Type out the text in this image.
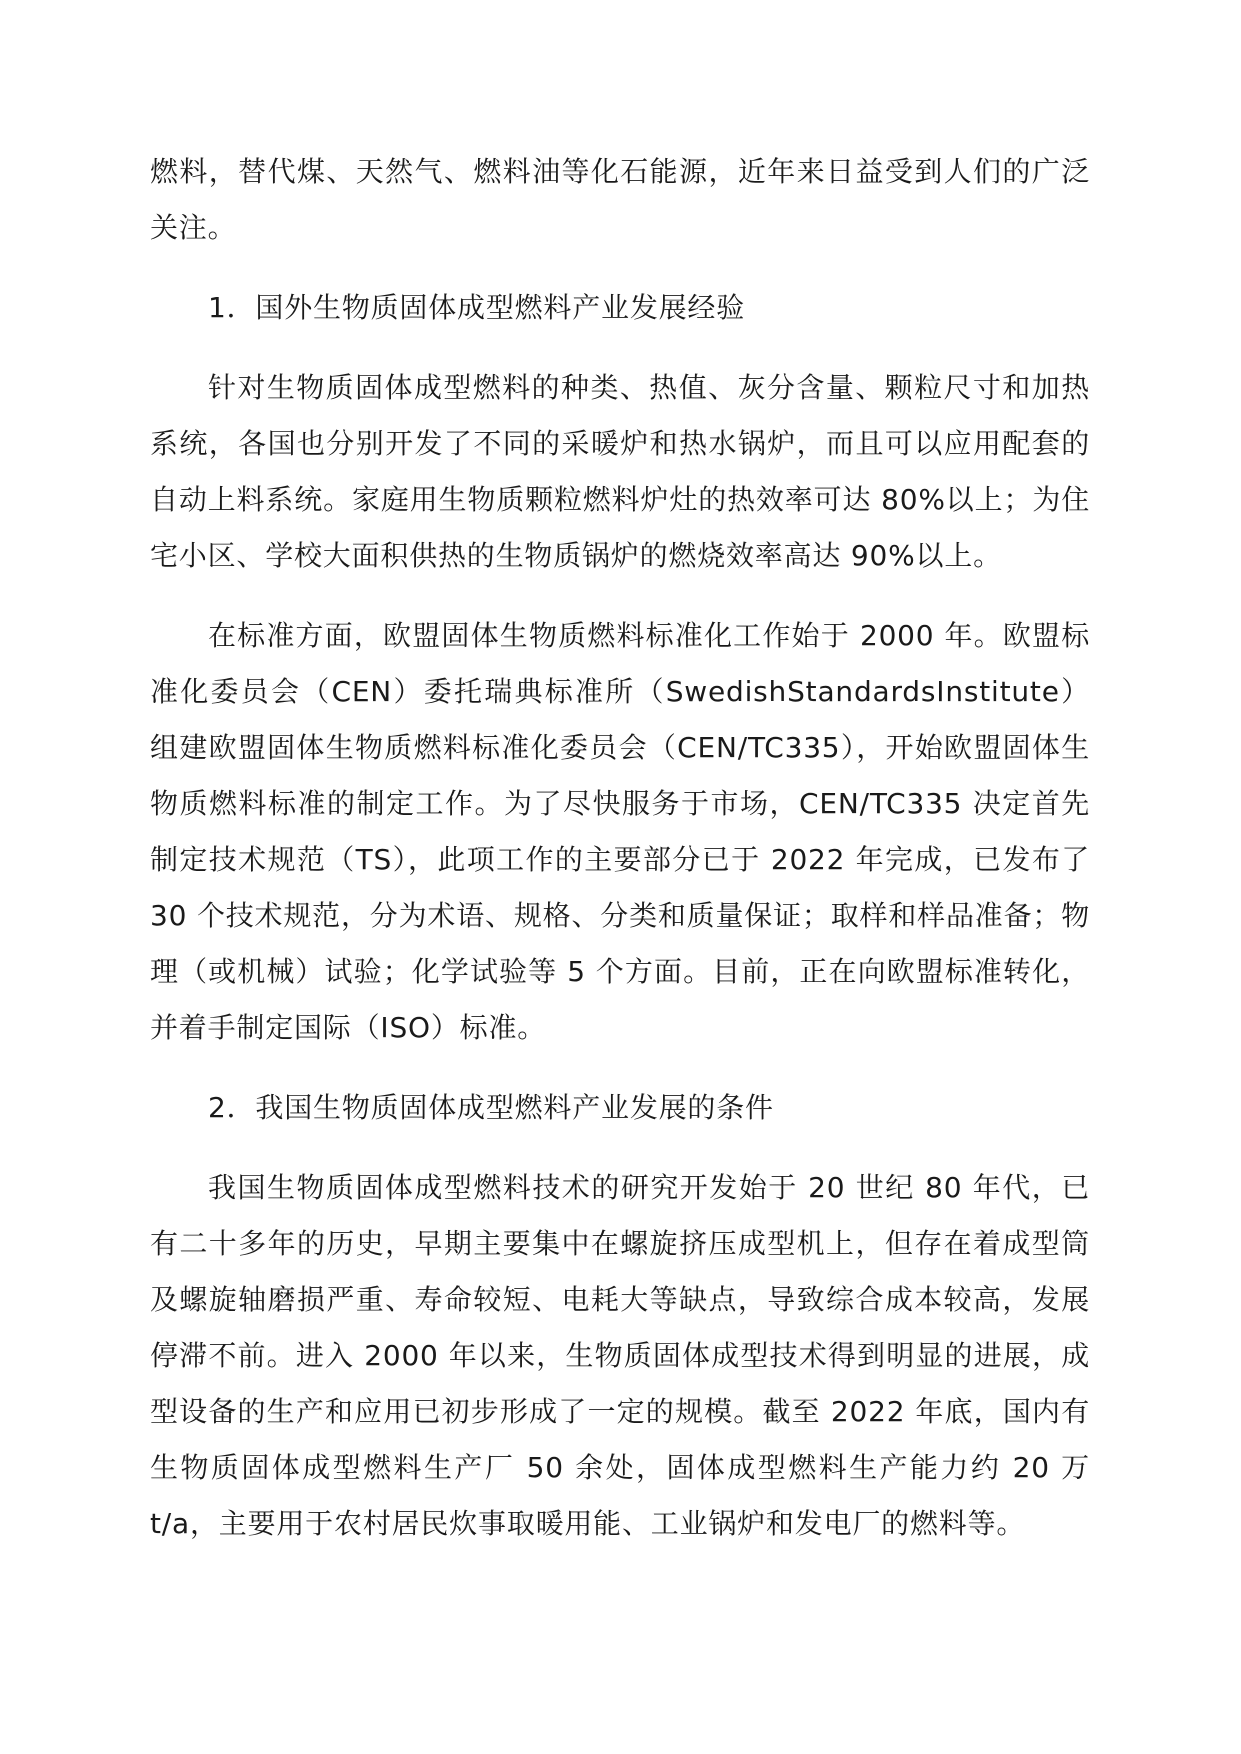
燃料，替代煤、天然气、燃料油等化石能源，近年来日益受到人们的广泛关注。

1．国外生物质固体成型燃料产业发展经验

针对生物质固体成型燃料的种类、热值、灰分含量、颗粒尺寸和加热系统，各国也分别开发了不同的采暖炉和热水锅炉，而且可以应用配套的自动上料系统。家庭用生物质颗粒燃料炉灶的热效率可达 80%以上；为住宅小区、学校大面积供热的生物质锅炉的燃烧效率高达 90%以上。

在标准方面，欧盟固体生物质燃料标准化工作始于 2000 年。欧盟标准化委员会（CEN）委托瑞典标准所（SwedishStandardsInstitute）组建欧盟固体生物质燃料标准化委员会（CEN/TC335），开始欧盟固体生物质燃料标准的制定工作。为了尽快服务于市场，CEN/TC335 决定首先制定技术规范（TS），此项工作的主要部分已于 2022 年完成，已发布了 30 个技术规范，分为术语、规格、分类和质量保证；取样和样品准备；物理（或机械）试验；化学试验等 5 个方面。目前，正在向欧盟标准转化，并着手制定国际（ISO）标准。

2．我国生物质固体成型燃料产业发展的条件

我国生物质固体成型燃料技术的研究开发始于 20 世纪 80 年代，已有二十多年的历史，早期主要集中在螺旋挤压成型机上，但存在着成型筒及螺旋轴磨损严重、寿命较短、电耗大等缺点，导致综合成本较高，发展停滞不前。进入 2000 年以来，生物质固体成型技术得到明显的进展，成型设备的生产和应用已初步形成了一定的规模。截至 2022 年底，国内有生物质固体成型燃料生产厂 50 余处，固体成型燃料生产能力约 20 万 t/a，主要用于农村居民炊事取暖用能、工业锅炉和发电厂的燃料等。
